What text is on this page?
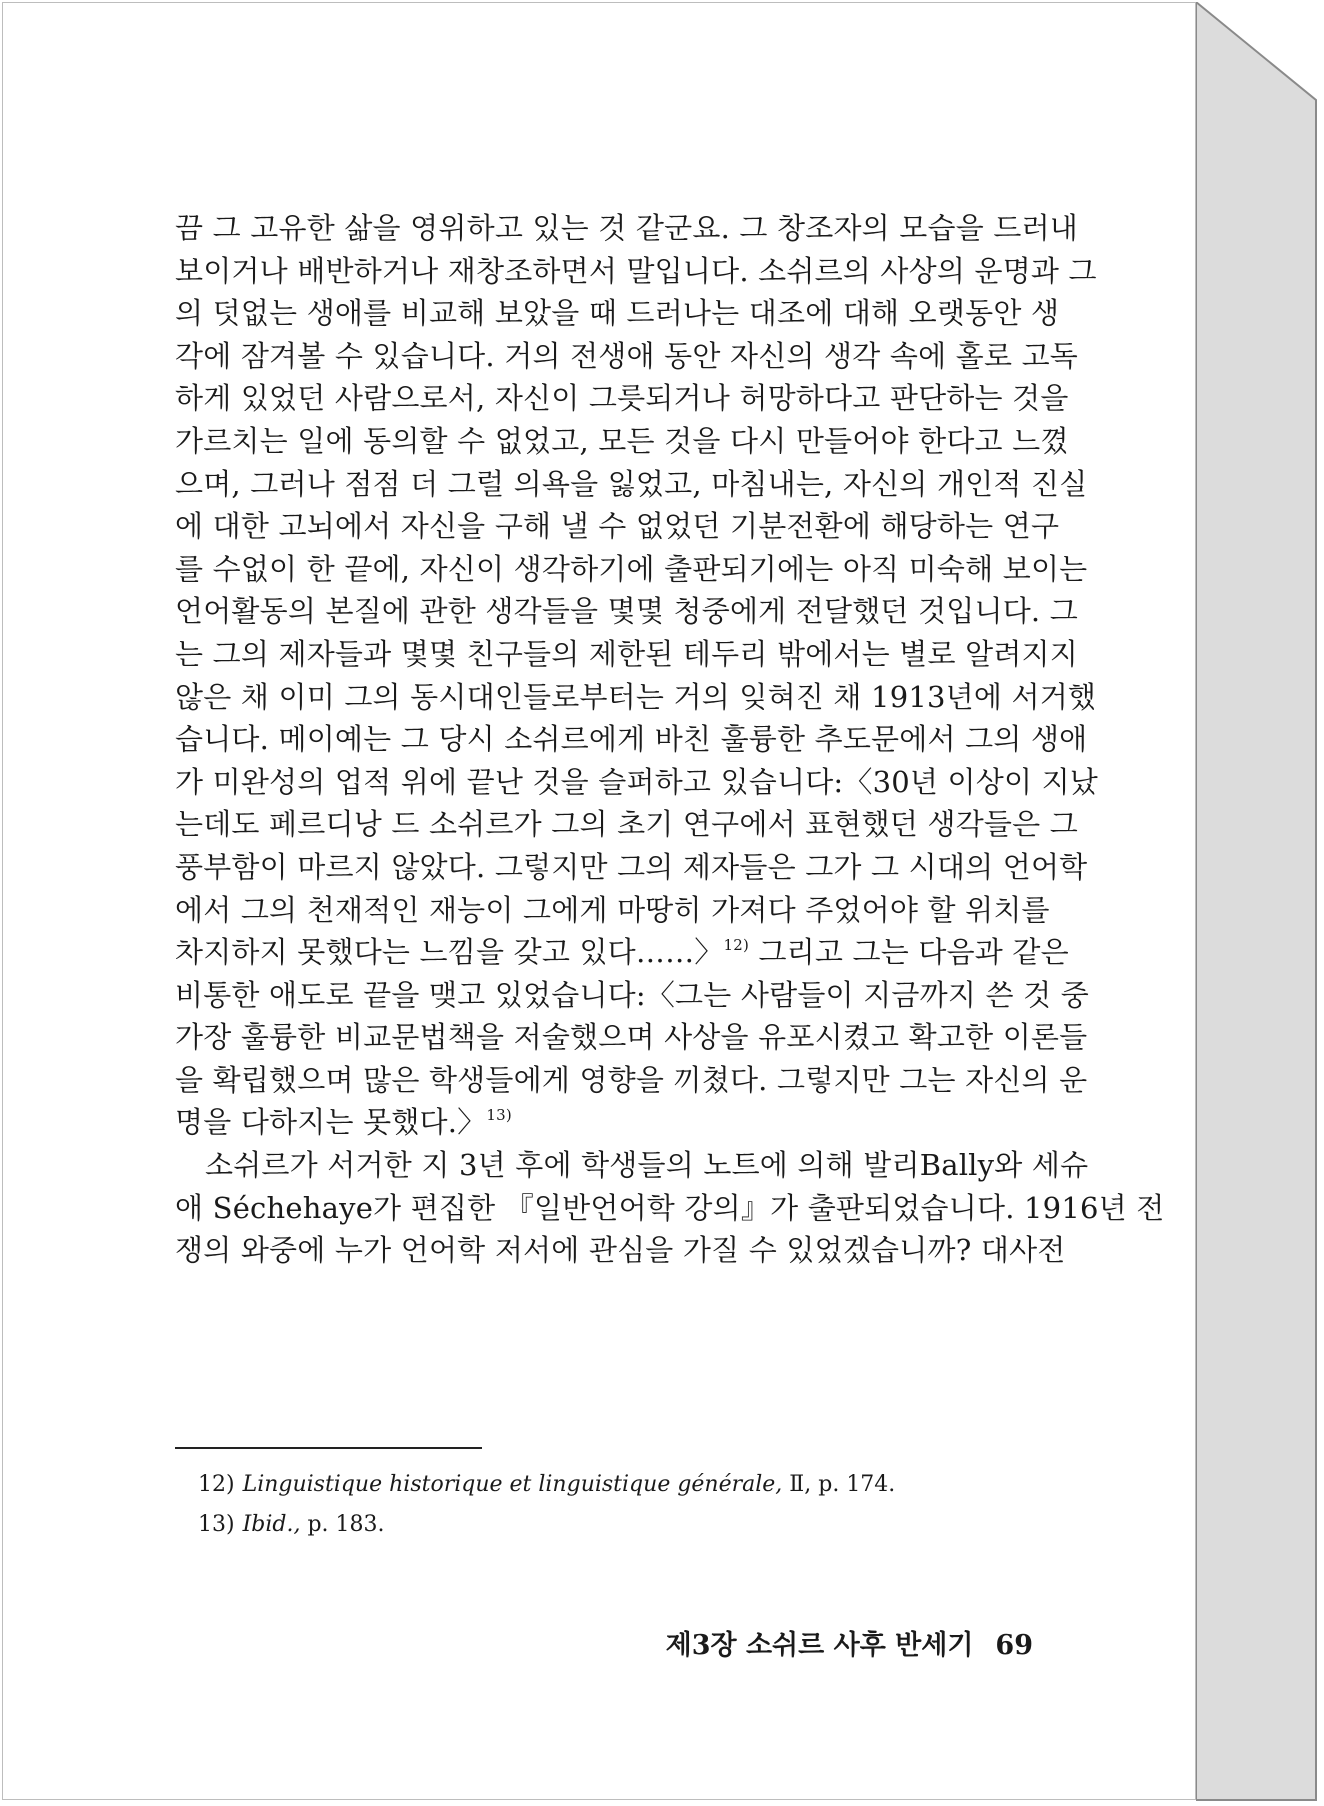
끔 그 고유한 삶을 영위하고 있는 것 같군요. 그 창조자의 모습을 드러내
보이거나 배반하거나 재창조하면서 말입니다. 소쉬르의 사상의 운명과 그
의 덧없는 생애를 비교해 보았을 때 드러나는 대조에 대해 오랫동안 생
각에 잠겨볼 수 있습니다. 거의 전생애 동안 자신의 생각 속에 홀로 고독
하게 있었던 사람으로서, 자신이 그릇되거나 허망하다고 판단하는 것을
가르치는 일에 동의할 수 없었고, 모든 것을 다시 만들어야 한다고 느꼈
으며, 그러나 점점 더 그럴 의욕을 잃었고, 마침내는, 자신의 개인적 진실
에 대한 고뇌에서 자신을 구해 낼 수 없었던 기분전환에 해당하는 연구
를 수없이 한 끝에, 자신이 생각하기에 출판되기에는 아직 미숙해 보이는
언어활동의 본질에 관한 생각들을 몇몇 청중에게 전달했던 것입니다. 그
는 그의 제자들과 몇몇 친구들의 제한된 테두리 밖에서는 별로 알려지지
않은 채 이미 그의 동시대인들로부터는 거의 잊혀진 채 1913년에 서거했
습니다. 메이예는 그 당시 소쉬르에게 바친 훌륭한 추도문에서 그의 생애
가 미완성의 업적 위에 끝난 것을 슬퍼하고 있습니다:〈30년 이상이 지났
는데도 페르디낭 드 소쉬르가 그의 초기 연구에서 표현했던 생각들은 그
풍부함이 마르지 않았다. 그렇지만 그의 제자들은 그가 그 시대의 언어학
에서 그의 천재적인 재능이 그에게 마땅히 가져다 주었어야 할 위치를
차지하지 못했다는 느낌을 갖고 있다……〉$^{12)}$ 그리고 그는 다음과 같은
비통한 애도로 끝을 맺고 있었습니다:〈그는 사람들이 지금까지 쓴 것 중
가장 훌륭한 비교문법책을 저술했으며 사상을 유포시켰고 확고한 이론들
을 확립했으며 많은 학생들에게 영향을 끼쳤다. 그렇지만 그는 자신의 운
명을 다하지는 못했다.〉$^{13)}$
소쉬르가 서거한 지 3년 후에 학생들의 노트에 의해 발리Bally와 세슈
애 Séchehaye가 편집한 『일반언어학 강의』가 출판되었습니다. 1916년 전
쟁의 와중에 누가 언어학 저서에 관심을 가질 수 있었겠습니까? 대사전
12) Linguistique historique et linguistique générale, Ⅱ, p. 174.
13) Ibid., p. 183.
제3장 소쉬르 사후 반세기 69
